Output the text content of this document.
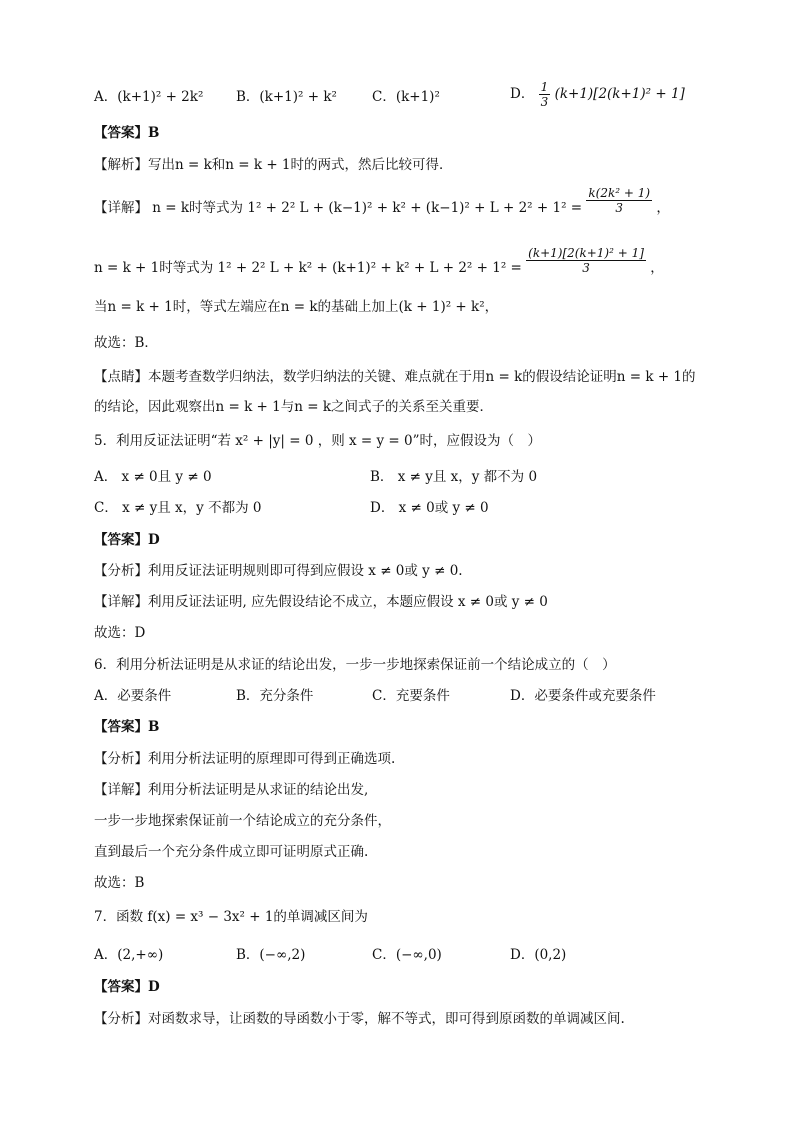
A．(k+1)² + 2k² B．(k+1)² + k²	C．(k+1)²	D． $\frac{1}{3} (k+1)[2(k+1)^2 + 1]$
【答案】B
【解析】写出n = k和n = k + 1时的两式，然后比较可得．
【详解】 n = k时等式为 1² + 2² $L + (k-1)^2 + k^2 + (k-1)^2 + L + 2^2 + 1^2 = \frac{\text{k(2k² + 1)}}{3}$ ，
n = k + 1时等式为 1² + 2² $L + k^2 + (k+1)^2 + k^2 + L + 2^2 + 1^2 = \frac{\text{(k+1)[2(k+1)² + 1]}}{3}$ ，
当n = k + 1时，等式左端应在n = k的基础上加上(k + 1)² + k²，
故选：B．
【点睛】本题考查数学归纳法，数学归纳法的关键、难点就在于用n = k的假设结论证明n = k + 1的
的结论，因此观察出n = k + 1与n = k之间式子的关系至关重要．
5．利用反证法证明“若 x² + |y| = 0 ，则 x = y = 0”时，应假设为（　）
A． x ≠ 0且 y ≠ 0	B． x ≠ y且 x，y 都不为 0
C． x ≠ y且 x，y 不都为 0	D． x ≠ 0或 y ≠ 0
【答案】D
【分析】利用反证法证明规则即可得到应假设 x ≠ 0或 y ≠ 0.
【详解】利用反证法证明, 应先假设结论不成立，本题应假设 x ≠ 0或 y ≠ 0
故选：D
6．利用分析法证明是从求证的结论出发，一步一步地探索保证前一个结论成立的（　）
A．必要条件	B．充分条件	C．充要条件	D．必要条件或充要条件
【答案】B
【分析】利用分析法证明的原理即可得到正确选项.
【详解】利用分析法证明是从求证的结论出发,
一步一步地探索保证前一个结论成立的充分条件，
直到最后一个充分条件成立即可证明原式正确.
故选：B
7．函数 f(x) = x³ − 3x² + 1的单调减区间为
A．(2,+∞)	B．(−∞,2)	C．(−∞,0)	D．(0,2)
【答案】D
【分析】对函数求导，让函数的导函数小于零，解不等式，即可得到原函数的单调减区间.
